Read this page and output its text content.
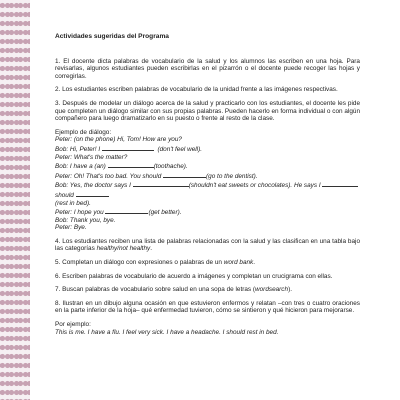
Actividades sugeridas del Programa
1. El docente dicta palabras de vocabulario de la salud y los alumnos las escriben en una hoja. Para revisarlas, algunos estudiantes pueden escribirlas en el pizarrón o el docente puede recoger las hojas y corregirlas.
2. Los estudiantes escriben palabras de vocabulario de la unidad frente a las imágenes respectivas.
3. Después de modelar un diálogo acerca de la salud y practicarlo con los estudiantes, el docente les pide que completen un diálogo similar con sus propias palabras. Pueden hacerlo en forma individual o con algún compañero para luego dramatizarlo en su puesto o frente al resto de la clase.
Ejemplo de diálogo:
Peter: (on the phone) Hi, Tom! How are you?
Bob: Hi, Peter! I	(don't feel well).
Peter: What's the matter?
Bob: I have a (an)	(toothache).
Peter: Oh! That's too bad. You should	(go to the dentist).
Bob: Yes, the doctor says I	(shouldn't eat sweets or chocolates). He says I
should
(rest in bed).
Peter: I hope you	(get better).
Bob: Thank you, bye.
Peter: Bye.
4. Los estudiantes reciben una lista de palabras relacionadas con la salud y las clasifican en una tabla bajo las categorías healthy/not healthy.
5. Completan un diálogo con expresiones o palabras de un word bank.
6. Escriben palabras de vocabulario de acuerdo a imágenes y completan un crucigrama con ellas.
7. Buscan palabras de vocabulario sobre salud en una sopa de letras (wordsearch).
8. Ilustran en un dibujo alguna ocasión en que estuvieron enfermos y relatan –con tres o cuatro oraciones en la parte inferior de la hoja– qué enfermedad tuvieron, cómo se sintieron y qué hicieron para mejorarse.
Por ejemplo:
This is me. I have a flu. I feel very sick. I have a headache. I should rest in bed.
